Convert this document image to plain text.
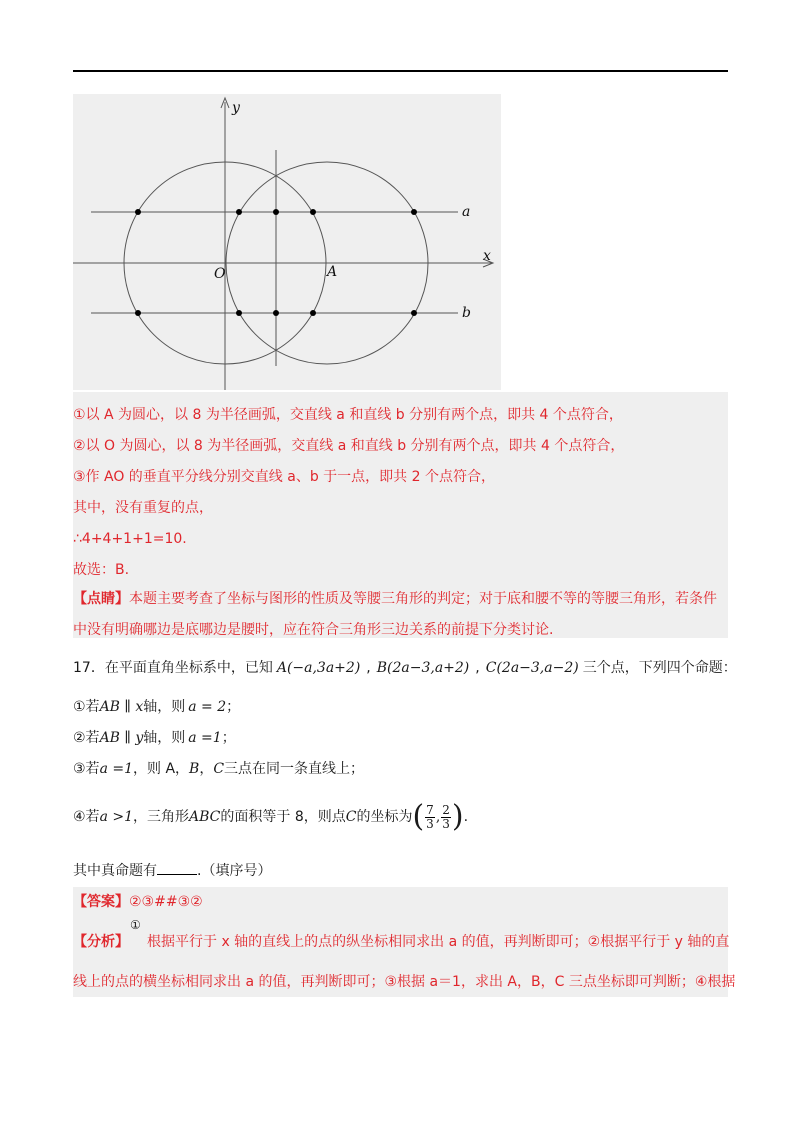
y
x
O	A
a
b
①以 A 为圆心，以 8 为半径画弧，交直线 a 和直线 b 分别有两个点，即共 4 个点符合，
②以 O 为圆心，以 8 为半径画弧，交直线 a 和直线 b 分别有两个点，即共 4 个点符合，
③作 AO 的垂直平分线分别交直线 a、b 于一点，即共 2 个点符合，
其中，没有重复的点，
∴4+4+1+1=10.
故选：B.
【点睛】本题主要考查了坐标与图形的性质及等腰三角形的判定；对于底和腰不等的等腰三角形，若条件
中没有明确哪边是底哪边是腰时，应在符合三角形三边关系的前提下分类讨论.
17．在平面直角坐标系中，已知 A(−a,3a+2) , B(2a−3,a+2) , C(2a−3,a−2) 三个点，下列四个命题：
①若AB ∥ x轴，则 a = 2；
②若AB ∥ y轴，则 a =1；
③若a =1，则 A，B，C三点在同一条直线上；
④若a >1，三角形ABC的面积等于 8，则点C的坐标为 ( $\frac{7}{3}$ , $\frac{2}{3}$ ) .
其中真命题有	.（填序号）
【答案】②③##③②
①
【分析】 根据平行于 x 轴的直线上的点的纵坐标相同求出 a 的值，再判断即可；②根据平行于 y 轴的直
线上的点的横坐标相同求出 a 的值，再判断即可；③根据 a＝1，求出 A，B，C 三点坐标即可判断；④根据
